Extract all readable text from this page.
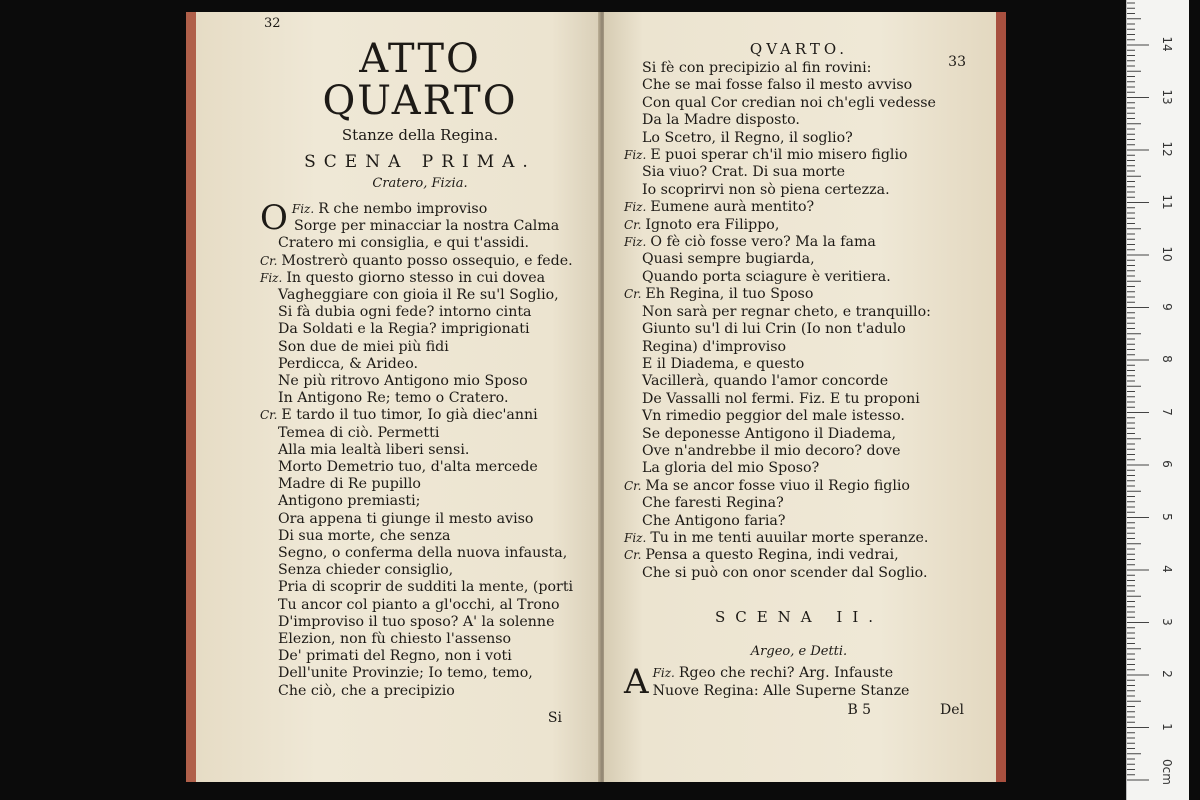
32
ATTO QUARTO
Stanze della Regina.
SCENA PRIMA.
Cratero, Fizia.
Fiz.
O R che nembo improviso
Sorge per minacciar la nostra Calma
Cratero mi consiglia, e qui t'assidi.
Cr. Mostrerò quanto posso ossequio, e fede.
Fiz. In questo giorno stesso in cui dovea
Vagheggiare con gioia il Re su'l Soglio,
Si fà dubia ogni fede? intorno cinta
Da Soldati e la Regia? imprigionati
Son due de miei più fidi
Perdicca, & Arideo.
Ne più ritrovo Antigono mio Sposo
In Antigono Re; temo o Cratero.
Cr. E tardo il tuo timor, Io già diec'anni
Temea di ciò. Permetti
Alla mia lealtà liberi sensi.
Morto Demetrio tuo, d'alta mercede
Madre di Re pupillo
Antigono premiasti;
Ora appena ti giunge il mesto aviso
Di sua morte, che senza
Segno, o conferma della nuova infausta,
Senza chieder consiglio,
Pria di scoprir de sudditi la mente, (porti
Tu ancor col pianto a gl'occhi, al Trono
D'improviso il tuo sposo? A' la solenne
Elezion, non fù chiesto l'assenso
De' primati del Regno, non i voti
Dell'unite Provinzie; Io temo, temo,
Che ciò, che a precipizio
Si
33
QVARTO.
Si fè con precipizio al fin rovini:
Che se mai fosse falso il mesto avviso
Con qual Cor credian noi ch'egli vedesse
Da la Madre disposto.
Lo Scetro, il Regno, il soglio?
Fiz. E puoi sperar ch'il mio misero figlio
Sia viuo? Crat. Di sua morte
Io scoprirvi non sò piena certezza.
Fiz. Eumene aurà mentito?
Cr. Ignoto era Filippo,
Fiz. O fè ciò fosse vero? Ma la fama
Quasi sempre bugiarda,
Quando porta sciagure è veritiera.
Cr. Eh Regina, il tuo Sposo
Non sarà per regnar cheto, e tranquillo:
Giunto su'l di lui Crin (Io non t'adulo
Regina) d'improviso
E il Diadema, e questo
Vacillerà, quando l'amor concorde
De Vassalli nol fermi. Fiz. E tu proponi
Vn rimedio peggior del male istesso.
Se deponesse Antigono il Diadema,
Ove n'andrebbe il mio decoro? dove
La gloria del mio Sposo?
Cr. Ma se ancor fosse viuo il Regio figlio
Che faresti Regina?
Che Antigono faria?
Fiz. Tu in me tenti auuilar morte speranze.
Cr. Pensa a questo Regina, indi vedrai,
Che si può con onor scender dal Soglio.
SCENA II.
Argeo, e Detti.
Fiz.
A Rgeo che rechi? Arg. Infauste
Nuove Regina: Alle Superne Stanze
B 5	Del
0cm
1
2
3
4
5
6
7
8
9
10
11
12
13
14
